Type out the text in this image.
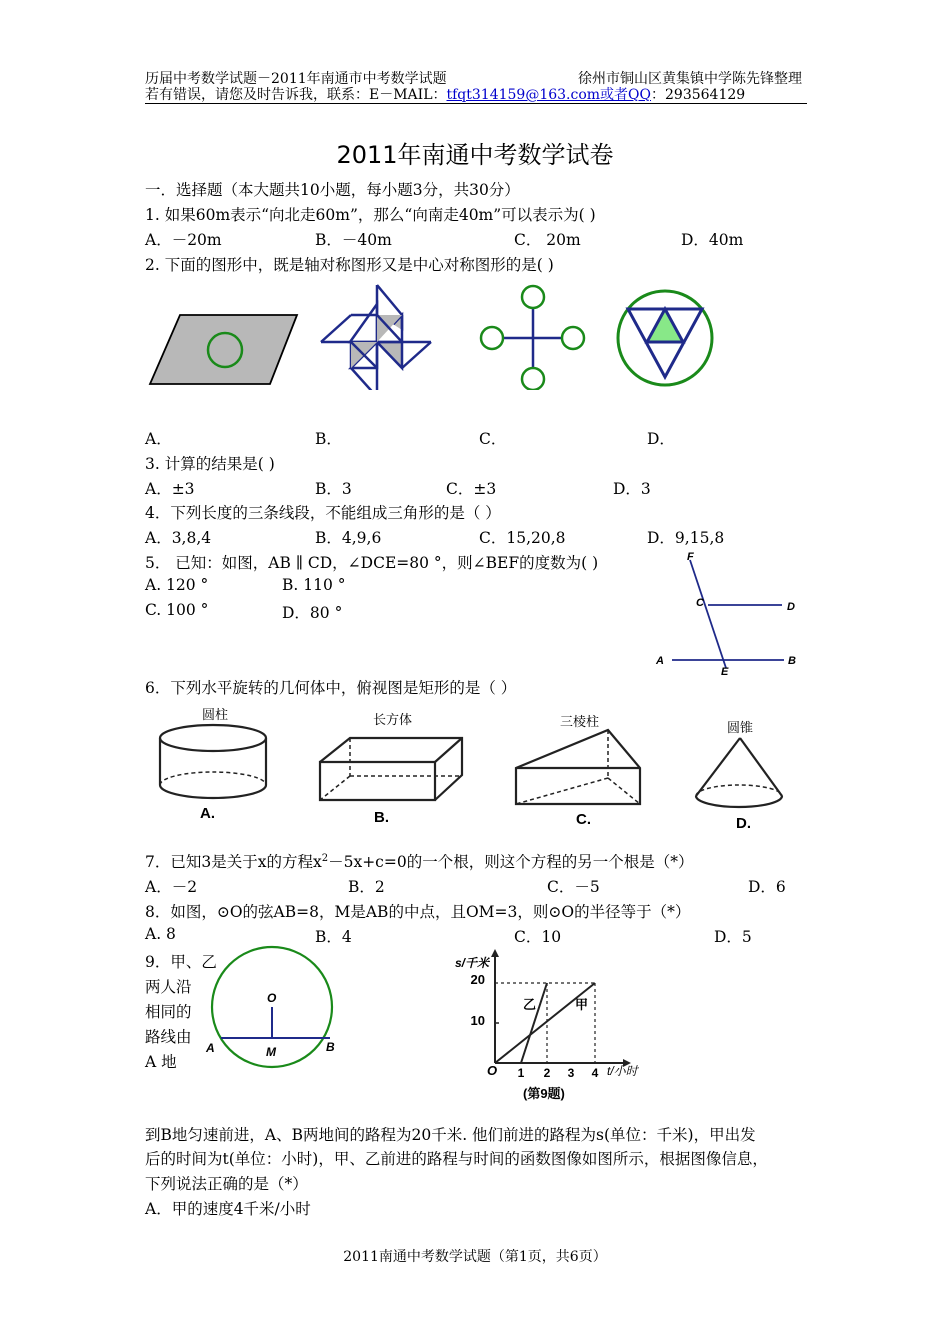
历届中考数学试题－2011年南通市中考数学试题	徐州市铜山区黄集镇中学陈先锋整理
若有错误，请您及时告诉我，联系：E－MAIL：tfqt314159@163.com或者QQ：293564129
2011年南通中考数学试卷
一．选择题（本大题共10小题，每小题3分，共30分）
1. 如果60m表示“向北走60m”，那么“向南走40m”可以表示为( )
A．－20m	B．－40m	C． 20m	D．40m
2. 下面的图形中，既是轴对称图形又是中心对称图形的是( )
A．	B．	C．	D．
3. 计算的结果是( )
A．±3	B．3	C．±3	D．3
4．下列长度的三条线段，不能组成三角形的是（ ）
A．3,8,4	B．4,9,6	C．15,20,8	D．9,15,8
5． 已知：如图，AB ∥ CD，∠DCE=80 °，则∠BEF的度数为( )
A. 120 °	B. 110 °
C. 100 °	D．80 °
F
C	D
A
E
B
6．下列水平旋转的几何体中，俯视图是矩形的是（ ）
圆柱
A.
长方体
B.
三棱柱
C.
圆锥
D.
7．已知3是关于x的方程$x^2-5x+c=0$的一个根，则这个方程的另一个根是（*）
A．－2	B．2	C．－5	D．6
8．如图，⊙O的弦AB=8，M是AB的中点，且OM=3，则⊙O的半径等于（*）
A. 8	B．4	C．10	D．5
9．甲、乙
两人沿
相同的
路线由
A 地
O
A	M	B
20
10
1 2 3 4
O
s/千米
t/小时
乙	甲
(第9题)
到B地匀速前进，A、B两地间的路程为20千米. 他们前进的路程为s(单位：千米)，甲出发
后的时间为t(单位：小时)，甲、乙前进的路程与时间的函数图像如图所示，根据图像信息，
下列说法正确的是（*）
A．甲的速度4千米/小时
2011南通中考数学试题（第1页，共6页）
